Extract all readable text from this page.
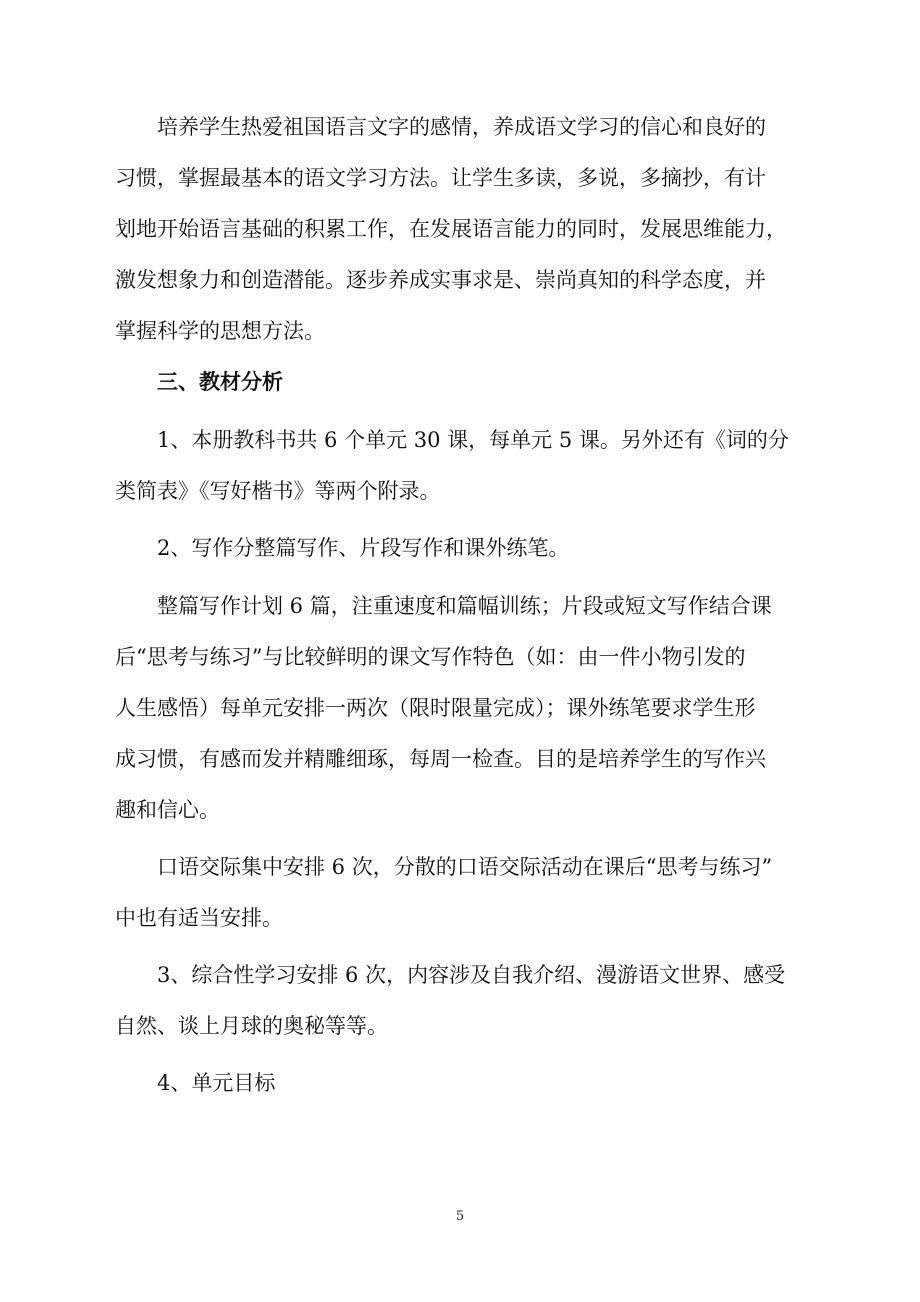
培养学生热爱祖国语言文字的感情，养成语文学习的信心和良好的

习惯，掌握最基本的语文学习方法。让学生多读，多说，多摘抄，有计

划地开始语言基础的积累工作，在发展语言能力的同时，发展思维能力，

激发想象力和创造潜能。逐步养成实事求是、崇尚真知的科学态度，并

掌握科学的思想方法。

三、教材分析

1、本册教科书共 6 个单元 30 课，每单元 5 课。另外还有《词的分

类简表》《写好楷书》等两个附录。

2、写作分整篇写作、片段写作和课外练笔。

整篇写作计划 6 篇，注重速度和篇幅训练；片段或短文写作结合课

后“思考与练习”与比较鲜明的课文写作特色（如：由一件小物引发的

人生感悟）每单元安排一两次（限时限量完成）；课外练笔要求学生形

成习惯，有感而发并精雕细琢，每周一检查。目的是培养学生的写作兴

趣和信心。

口语交际集中安排 6 次，分散的口语交际活动在课后“思考与练习”

中也有适当安排。

3、综合性学习安排 6 次，内容涉及自我介绍、漫游语文世界、感受

自然、谈上月球的奥秘等等。

4、单元目标

5
